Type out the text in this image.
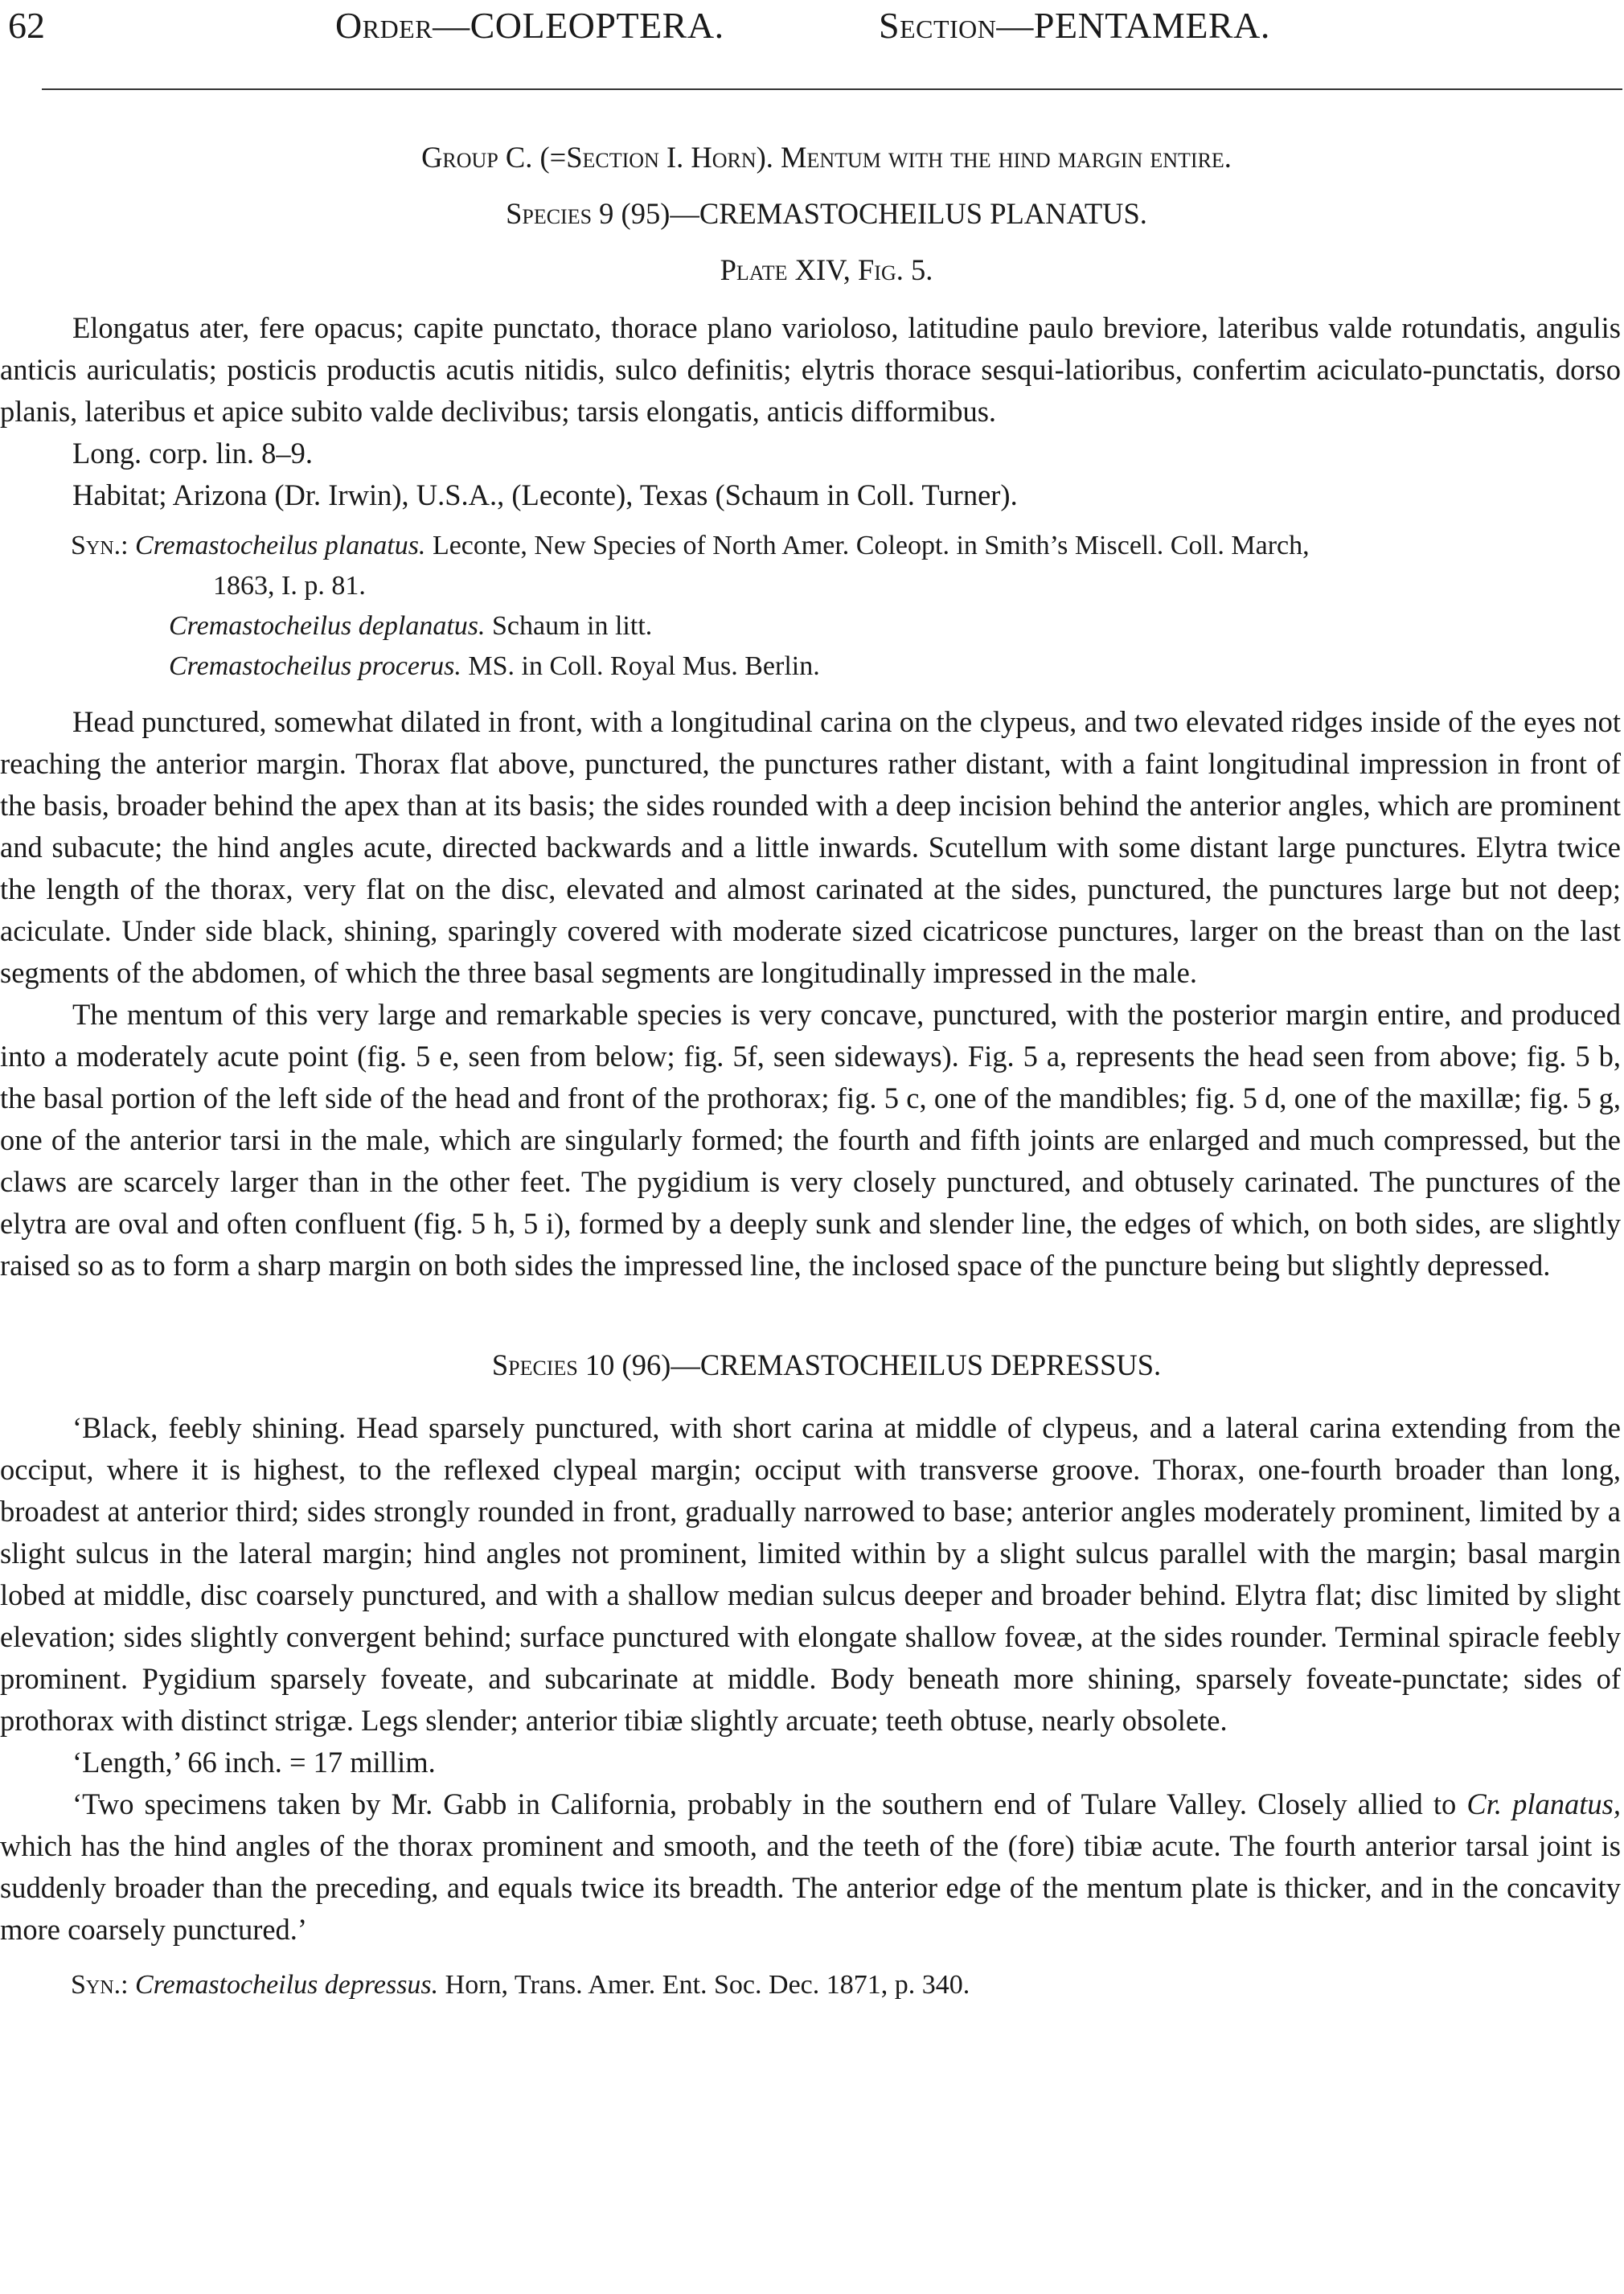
62	Order—COLEOPTERA.	Section—PENTAMERA.

Group C. (=Section I. Horn). Mentum with the hind margin entire.

Species 9 (95)—CREMASTOCHEILUS PLANATUS.

Plate XIV, Fig. 5.

Elongatus ater, fere opacus; capite punctato, thorace plano varioloso, latitudine paulo breviore, lateribus valde rotundatis, angulis anticis auriculatis; posticis productis acutis nitidis, sulco definitis; elytris thorace sesqui-latioribus, confertim aciculato-punctatis, dorso planis, lateribus et apice subito valde declivibus; tarsis elongatis, anticis difformibus.

Long. corp. lin. 8–9.

Habitat; Arizona (Dr. Irwin), U.S.A., (Leconte), Texas (Schaum in Coll. Turner).

Syn.: Cremastocheilus planatus. Leconte, New Species of North Amer. Coleopt. in Smith’s Miscell. Coll. March,

1863, I. p. 81.

Cremastocheilus deplanatus. Schaum in litt.

Cremastocheilus procerus. MS. in Coll. Royal Mus. Berlin.

Head punctured, somewhat dilated in front, with a longitudinal carina on the clypeus, and two elevated ridges inside of the eyes not reaching the anterior margin. Thorax flat above, punctured, the punctures rather distant, with a faint longitudinal impression in front of the basis, broader behind the apex than at its basis; the sides rounded with a deep incision behind the anterior angles, which are prominent and subacute; the hind angles acute, directed backwards and a little inwards. Scutellum with some distant large punctures. Elytra twice the length of the thorax, very flat on the disc, elevated and almost carinated at the sides, punctured, the punctures large but not deep; aciculate. Under side black, shining, sparingly covered with moderate sized cicatricose punctures, larger on the breast than on the last segments of the abdomen, of which the three basal segments are longitudinally impressed in the male.

The mentum of this very large and remarkable species is very concave, punctured, with the posterior margin entire, and produced into a moderately acute point (fig. 5 e, seen from below; fig. 5f, seen sideways). Fig. 5 a, represents the head seen from above; fig. 5 b, the basal portion of the left side of the head and front of the prothorax; fig. 5 c, one of the mandibles; fig. 5 d, one of the maxillæ; fig. 5 g, one of the anterior tarsi in the male, which are singularly formed; the fourth and fifth joints are enlarged and much compressed, but the claws are scarcely larger than in the other feet. The pygidium is very closely punctured, and obtusely carinated. The punctures of the elytra are oval and often confluent (fig. 5 h, 5 i), formed by a deeply sunk and slender line, the edges of which, on both sides, are slightly raised so as to form a sharp margin on both sides the impressed line, the inclosed space of the puncture being but slightly depressed.

Species 10 (96)—CREMASTOCHEILUS DEPRESSUS.

‘Black, feebly shining. Head sparsely punctured, with short carina at middle of clypeus, and a lateral carina extending from the occiput, where it is highest, to the reflexed clypeal margin; occiput with transverse groove. Thorax, one-fourth broader than long, broadest at anterior third; sides strongly rounded in front, gradually narrowed to base; anterior angles moderately prominent, limited by a slight sulcus in the lateral margin; hind angles not prominent, limited within by a slight sulcus parallel with the margin; basal margin lobed at middle, disc coarsely punctured, and with a shallow median sulcus deeper and broader behind. Elytra flat; disc limited by slight elevation; sides slightly convergent behind; surface punctured with elongate shallow foveæ, at the sides rounder. Terminal spiracle feebly prominent. Pygidium sparsely foveate, and subcarinate at middle. Body beneath more shining, sparsely foveate-punctate; sides of prothorax with distinct strigæ. Legs slender; anterior tibiæ slightly arcuate; teeth obtuse, nearly obsolete.

‘Length,’ 66 inch. = 17 millim.

‘Two specimens taken by Mr. Gabb in California, probably in the southern end of Tulare Valley. Closely allied to Cr. planatus, which has the hind angles of the thorax prominent and smooth, and the teeth of the (fore) tibiæ acute. The fourth anterior tarsal joint is suddenly broader than the preceding, and equals twice its breadth. The anterior edge of the mentum plate is thicker, and in the concavity more coarsely punctured.’

Syn.: Cremastocheilus depressus. Horn, Trans. Amer. Ent. Soc. Dec. 1871, p. 340.
